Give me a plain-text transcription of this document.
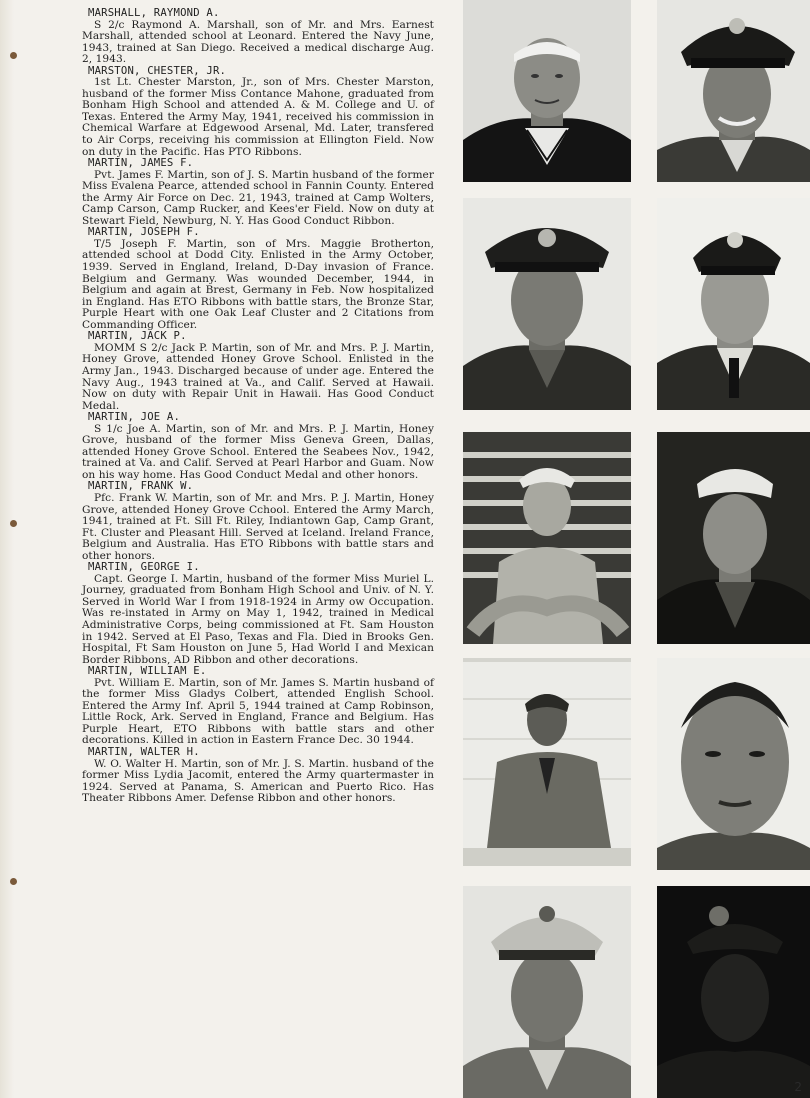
MARSHALL, RAYMOND A.

S 2/c Raymond A. Marshall, son of Mr. and Mrs. Earnest Marshall, attended school at Leonard. Entered the Navy June, 1943, trained at San Diego. Received a medical discharge Aug. 2, 1943.

MARSTON, CHESTER, JR.

1st Lt. Chester Marston, Jr., son of Mrs. Chester Marston, husband of the former Miss Contance Mahone, graduated from Bonham High School and attended A. & M. College and U. of Texas. Entered the Army May, 1941, received his commission in Chemical Warfare at Edgewood Arsenal, Md. Later, transfered to Air Corps, receiving his commission at Ellington Field. Now on duty in the Pacific. Has PTO Ribbons.

MARTIN, JAMES F.

Pvt. James F. Martin, son of J. S. Martin husband of the former Miss Evalena Pearce, attended school in Fannin County. Entered the Army Air Force on Dec. 21, 1943, trained at Camp Wolters, Camp Carson, Camp Rucker, and Kees'er Field. Now on duty at Stewart Field, Newburg, N. Y. Has Good Conduct Ribbon.

MARTIN, JOSEPH F.

T/5 Joseph F. Martin, son of Mrs. Maggie Brotherton, attended school at Dodd City. Enlisted in the Army October, 1939. Served in England, Ireland, D-Day invasion of France. Belgium and Germany. Was wounded December, 1944, in Belgium and again at Brest, Germany in Feb. Now hospitalized in England. Has ETO Ribbons with battle stars, the Bronze Star, Purple Heart with one Oak Leaf Cluster and 2 Citations from Commanding Officer.

MARTIN, JACK P.

MOMM S 2/c Jack P. Martin, son of Mr. and Mrs. P. J. Martin, Honey Grove, attended Honey Grove School. Enlisted in the Army Jan., 1943. Discharged because of under age. Entered the Navy Aug., 1943 trained at Va., and Calif. Served at Hawaii. Now on duty with Repair Unit in Hawaii. Has Good Conduct Medal.

MARTIN, JOE A.

S 1/c Joe A. Martin, son of Mr. and Mrs. P. J. Martin, Honey Grove, husband of the former Miss Geneva Green, Dallas, attended Honey Grove School. Entered the Seabees Nov., 1942, trained at Va. and Calif. Served at Pearl Harbor and Guam. Now on his way home. Has Good Conduct Medal and other honors.

MARTIN, FRANK W.

Pfc. Frank W. Martin, son of Mr. and Mrs. P. J. Martin, Honey Grove, attended Honey Grove Cchool. Entered the Army March, 1941, trained at Ft. Sill Ft. Riley, Indiantown Gap, Camp Grant, Ft. Cluster and Pleasant Hill. Served at Iceland. Ireland France, Belgium and Australia. Has ETO Ribbons with battle stars and other honors.

MARTIN, GEORGE I.

Capt. George I. Martin, husband of the former Miss Muriel L. Journey, graduated from Bonham High School and Univ. of N. Y. Served in World War I from 1918-1924 in Army ow Occupation. Was re-instated in Army on May 1, 1942, trained in Medical Administrative Corps, being commissioned at Ft. Sam Houston in 1942. Served at El Paso, Texas and Fla. Died in Brooks Gen. Hospital, Ft Sam Houston on June 5, Had World I and Mexican Border Ribbons, AD Ribbon and other decorations.

MARTIN, WILLIAM E.

Pvt. William E. Martin, son of Mr. James S. Martin husband of the former Miss Gladys Colbert, attended English School. Entered the Army Inf. April 5, 1944 trained at Camp Robinson, Little Rock, Ark. Served in England, France and Belgium. Has Purple Heart, ETO Ribbons with battle stars and other decorations. Killed in action in Eastern France Dec. 30 1944.

MARTIN, WALTER H.

W. O. Walter H. Martin, son of Mr. J. S. Martin. husband of the former Miss Lydia Jacomit, entered the Army quartermaster in 1924. Served at Panama, S. American and Puerto Rico. Has Theater Ribbons Amer. Defense Ribbon and other honors.

2
